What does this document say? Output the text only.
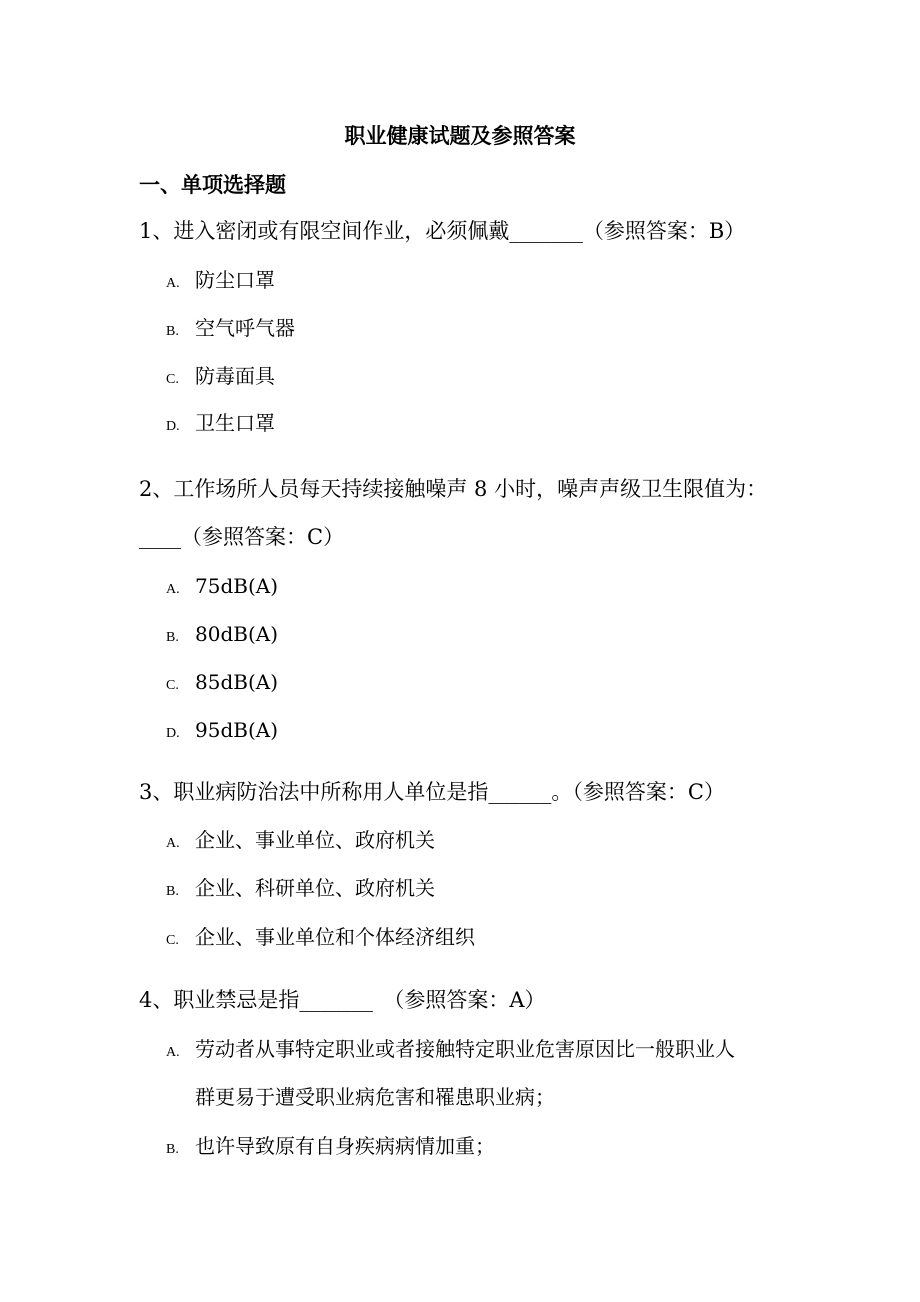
职业健康试题及参照答案
一、单项选择题
1、进入密闭或有限空间作业，必须佩戴_______（参照答案：B）
A. 防尘口罩
B. 空气呼气器
C. 防毒面具
D. 卫生口罩
2、工作场所人员每天持续接触噪声 8 小时，噪声声级卫生限值为：
____（参照答案：C）
A. 75dB(A)
B. 80dB(A)
C. 85dB(A)
D. 95dB(A)
3、职业病防治法中所称用人单位是指______。（参照答案：C）
A. 企业、事业单位、政府机关
B. 企业、科研单位、政府机关
C. 企业、事业单位和个体经济组织
4、职业禁忌是指_______　（参照答案：A）
A. 劳动者从事特定职业或者接触特定职业危害原因比一般职业人
群更易于遭受职业病危害和罹患职业病；
B. 也许导致原有自身疾病病情加重；
